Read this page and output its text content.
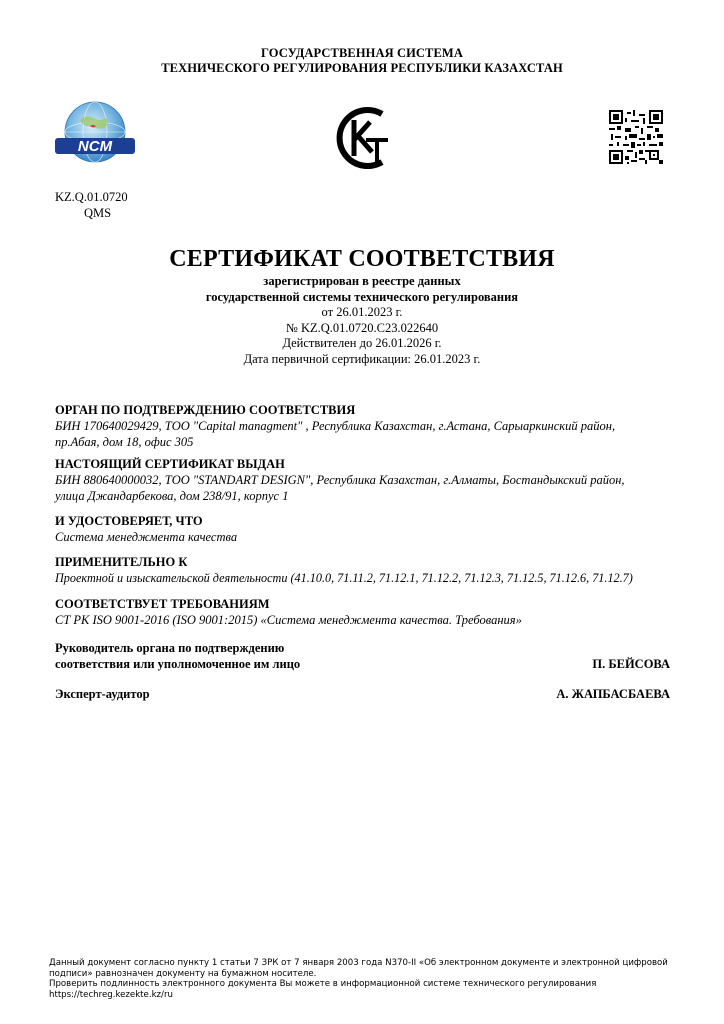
ГОСУДАРСТВЕННАЯ СИСТЕМА
ТЕХНИЧЕСКОГО РЕГУЛИРОВАНИЯ РЕСПУБЛИКИ КАЗАХСТАН
NCM
KZ.Q.01.0720
QMS
СЕРТИФИКАТ СООТВЕТСТВИЯ
зарегистрирован в реестре данных
государственной системы технического регулирования
от 26.01.2023 г.
№ KZ.Q.01.0720.C23.022640
Действителен до 26.01.2026 г.
Дата первичной сертификации: 26.01.2023 г.
ОРГАН ПО ПОДТВЕРЖДЕНИЮ СООТВЕТСТВИЯ
БИН 170640029429, ТОО "Capital managment" , Республика Казахстан, г.Астана, Сарыаркинский район,
пр.Абая, дом 18, офис 305
НАСТОЯЩИЙ СЕРТИФИКАТ ВЫДАН
БИН 880640000032, ТОО "STANDART DESIGN", Республика Казахстан, г.Алматы, Бостандыкский район,
улица Джандарбекова, дом 238/91, корпус 1
И УДОСТОВЕРЯЕТ, ЧТО
Система менеджмента качества
ПРИМЕНИТЕЛЬНО К
Проектной и изыскательской деятельности (41.10.0, 71.11.2, 71.12.1, 71.12.2, 71.12.3, 71.12.5, 71.12.6, 71.12.7)
СООТВЕТСТВУЕТ ТРЕБОВАНИЯМ
СТ РК ISO 9001-2016 (ISO 9001:2015) «Система менеджмента качества. Требования»
Руководитель органа по подтверждению
соответствия или уполномоченное им лицо	П. БЕЙСОВА
Эксперт-аудитор	А. ЖАПБАСБАЕВА
Данный документ согласно пункту 1 статьи 7 ЗРК от 7 января 2003 года N370-II «Об электронном документе и электронной цифровой
подписи» равнозначен документу на бумажном носителе.
Проверить подлинность электронного документа Вы можете в информационной системе технического регулирования
https://techreg.kezekte.kz/ru
